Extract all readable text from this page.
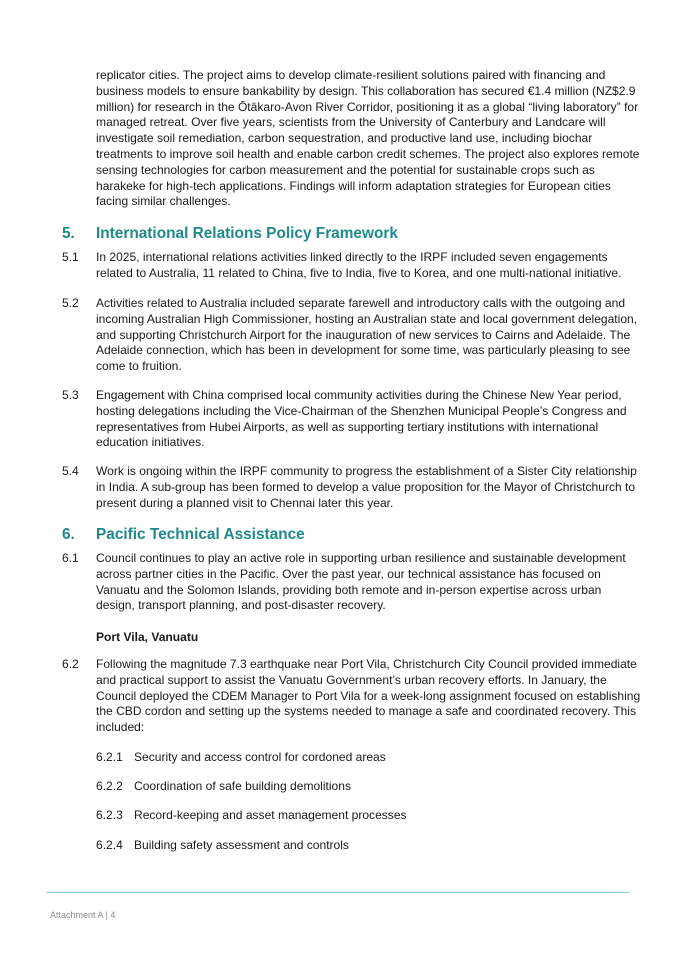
replicator cities. The project aims to develop climate-resilient solutions paired with financing and business models to ensure bankability by design. This collaboration has secured €1.4 million (NZ$2.9 million) for research in the Ōtākaro-Avon River Corridor, positioning it as a global “living laboratory” for managed retreat. Over five years, scientists from the University of Canterbury and Landcare will investigate soil remediation, carbon sequestration, and productive land use, including biochar treatments to improve soil health and enable carbon credit schemes. The project also explores remote sensing technologies for carbon measurement and the potential for sustainable crops such as harakeke for high-tech applications. Findings will inform adaptation strategies for European cities facing similar challenges.

5. International Relations Policy Framework
5.1 In 2025, international relations activities linked directly to the IRPF included seven engagements related to Australia, 11 related to China, five to India, five to Korea, and one multi-national initiative.

5.2 Activities related to Australia included separate farewell and introductory calls with the outgoing and incoming Australian High Commissioner, hosting an Australian state and local government delegation, and supporting Christchurch Airport for the inauguration of new services to Cairns and Adelaide. The Adelaide connection, which has been in development for some time, was particularly pleasing to see come to fruition.

5.3 Engagement with China comprised local community activities during the Chinese New Year period, hosting delegations including the Vice-Chairman of the Shenzhen Municipal People’s Congress and representatives from Hubei Airports, as well as supporting tertiary institutions with international education initiatives.

5.4 Work is ongoing within the IRPF community to progress the establishment of a Sister City relationship in India. A sub-group has been formed to develop a value proposition for the Mayor of Christchurch to present during a planned visit to Chennai later this year.

6. Pacific Technical Assistance
6.1 Council continues to play an active role in supporting urban resilience and sustainable development across partner cities in the Pacific. Over the past year, our technical assistance has focused on Vanuatu and the Solomon Islands, providing both remote and in-person expertise across urban design, transport planning, and post-disaster recovery.

Port Vila, Vanuatu
6.2 Following the magnitude 7.3 earthquake near Port Vila, Christchurch City Council provided immediate and practical support to assist the Vanuatu Government’s urban recovery efforts. In January, the Council deployed the CDEM Manager to Port Vila for a week-long assignment focused on establishing the CBD cordon and setting up the systems needed to manage a safe and coordinated recovery. This included:

6.2.1 Security and access control for cordoned areas
6.2.2 Coordination of safe building demolitions
6.2.3 Record-keeping and asset management processes
6.2.4 Building safety assessment and controls
Attachment A | 4
